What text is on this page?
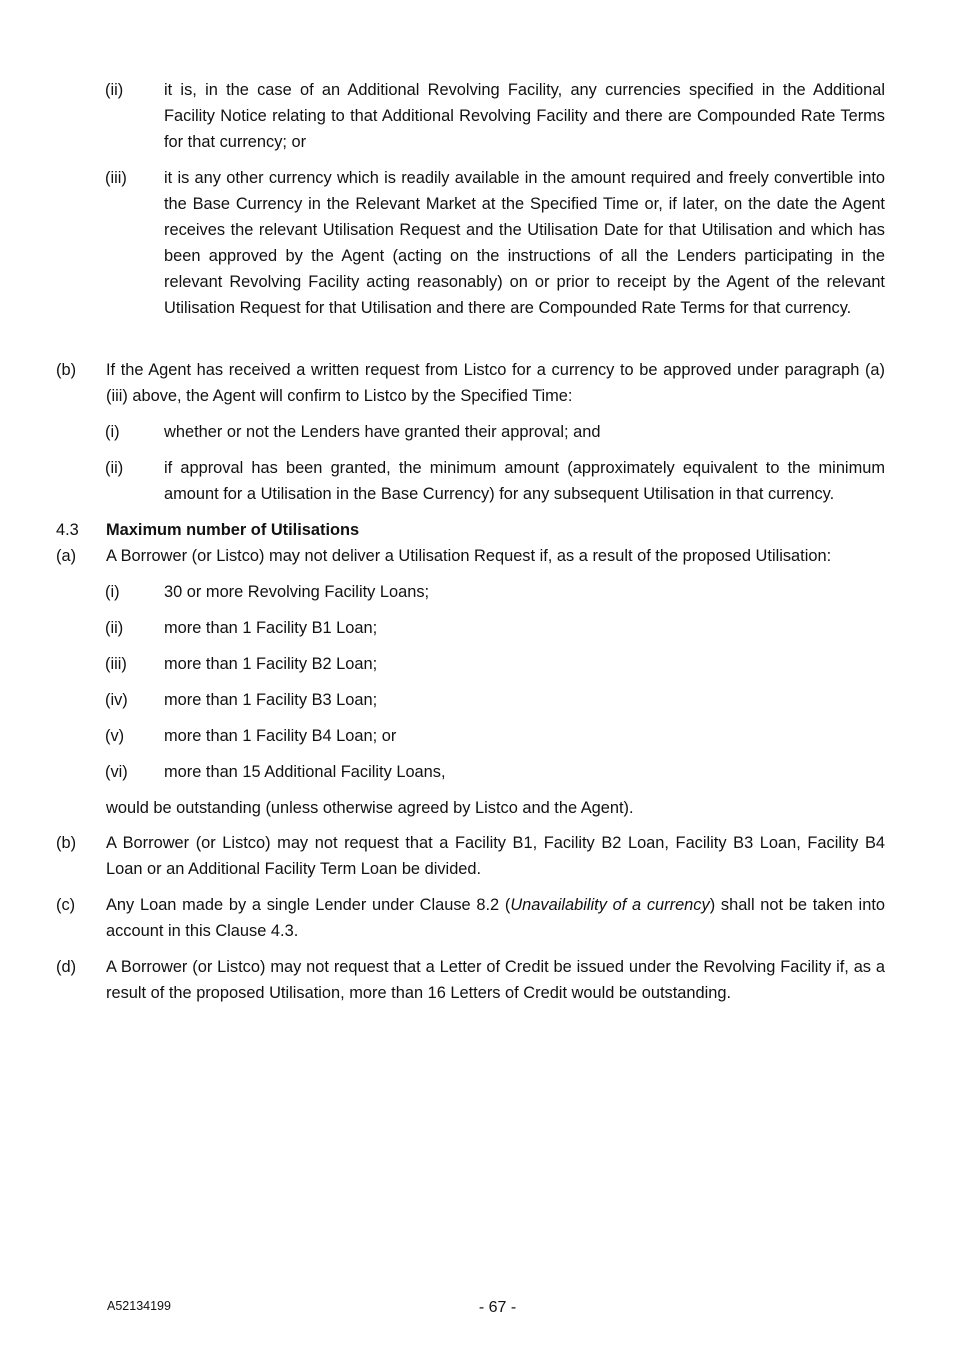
(ii)	it is, in the case of an Additional Revolving Facility, any currencies specified in the Additional Facility Notice relating to that Additional Revolving Facility and there are Compounded Rate Terms for that currency; or
(iii)	it is any other currency which is readily available in the amount required and freely convertible into the Base Currency in the Relevant Market at the Specified Time or, if later, on the date the Agent receives the relevant Utilisation Request and the Utilisation Date for that Utilisation and which has been approved by the Agent (acting on the instructions of all the Lenders participating in the relevant Revolving Facility acting reasonably) on or prior to receipt by the Agent of the relevant Utilisation Request for that Utilisation and there are Compounded Rate Terms for that currency.
(b)	If the Agent has received a written request from Listco for a currency to be approved under paragraph (a)(iii) above, the Agent will confirm to Listco by the Specified Time:
(i)	whether or not the Lenders have granted their approval; and
(ii)	if approval has been granted, the minimum amount (approximately equivalent to the minimum amount for a Utilisation in the Base Currency) for any subsequent Utilisation in that currency.
4.3	Maximum number of Utilisations
(a)	A Borrower (or Listco) may not deliver a Utilisation Request if, as a result of the proposed Utilisation:
(i)	30 or more Revolving Facility Loans;
(ii)	more than 1 Facility B1 Loan;
(iii)	more than 1 Facility B2 Loan;
(iv)	more than 1 Facility B3 Loan;
(v)	more than 1 Facility B4 Loan; or
(vi)	more than 15 Additional Facility Loans,
would be outstanding (unless otherwise agreed by Listco and the Agent).
(b)	A Borrower (or Listco) may not request that a Facility B1, Facility B2 Loan, Facility B3 Loan, Facility B4 Loan or an Additional Facility Term Loan be divided.
(c)	Any Loan made by a single Lender under Clause 8.2 (Unavailability of a currency) shall not be taken into account in this Clause 4.3.
(d)	A Borrower (or Listco) may not request that a Letter of Credit be issued under the Revolving Facility if, as a result of the proposed Utilisation, more than 16 Letters of Credit would be outstanding.
A52134199	- 67 -
